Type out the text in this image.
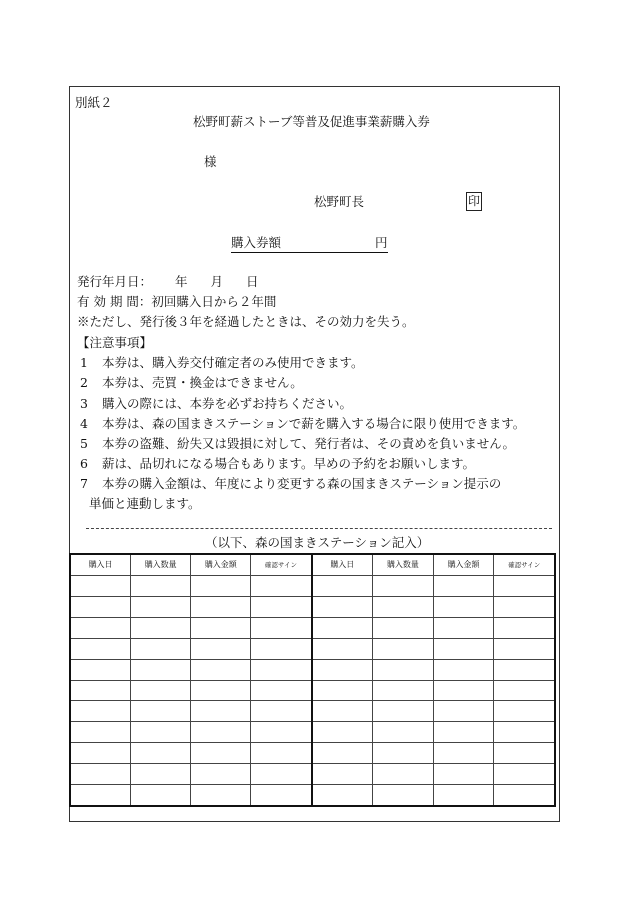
別紙２
松野町薪ストーブ等普及促進事業薪購入券
様
松野町長	印
購入券額	円
発行年月日： 年 月 日
有 効 期 間：初回購入日から２年間
※ただし、発行後３年を経過したときは、その効力を失う。
【注意事項】
1 本券は、購入券交付確定者のみ使用できます。
2 本券は、売買・換金はできません。
3 購入の際には、本券を必ずお持ちください。
4 本券は、森の国まきステーションで薪を購入する場合に限り使用できます。
5 本券の盗難、紛失又は毀損に対して、発行者は、その責めを負いません。
6 薪は、品切れになる場合もあります。早めの予約をお願いします。
7 本券の購入金額は、年度により変更する森の国まきステーション提示の
単価と連動します。
（以下、森の国まきステーション記入）
購入日	購入数量	購入金額	確認サイン	購入日	購入数量	購入金額	確認サイン
